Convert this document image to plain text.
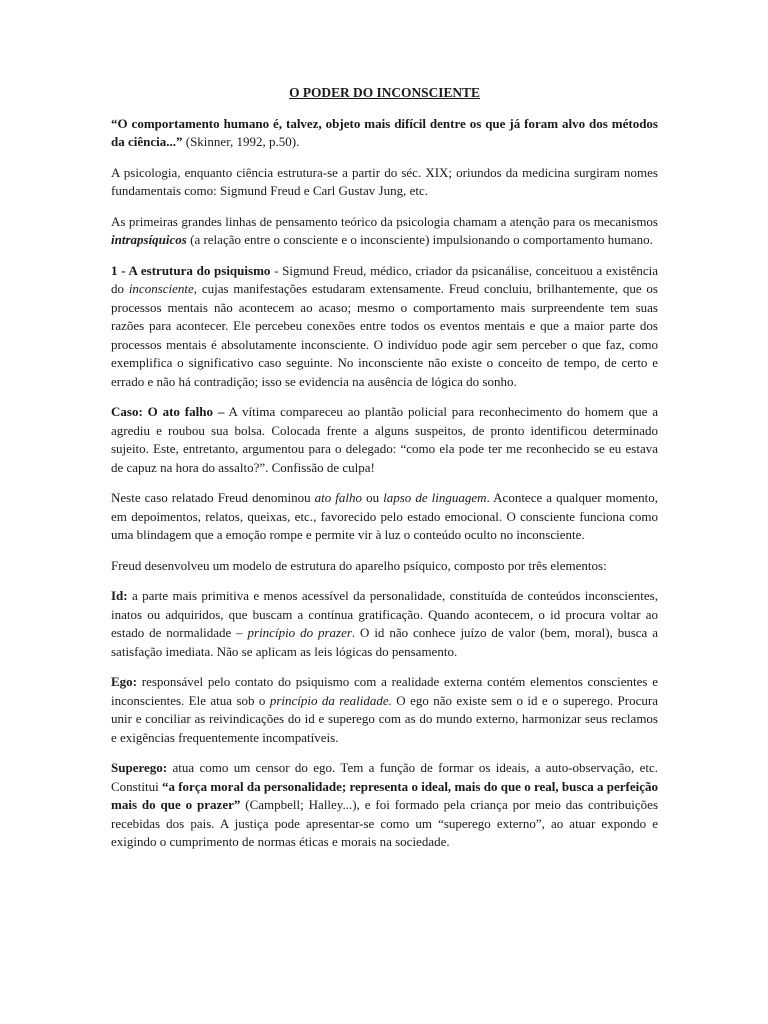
O PODER DO INCONSCIENTE

“O comportamento humano é, talvez, objeto mais difícil dentre os que já foram alvo dos métodos da ciência...” (Skinner, 1992, p.50).

A psicologia, enquanto ciência estrutura-se a partir do séc. XIX; oriundos da medicina surgiram nomes fundamentais como: Sigmund Freud e Carl Gustav Jung, etc.

As primeiras grandes linhas de pensamento teórico da psicologia chamam a atenção para os mecanismos intrapsíquicos (a relação entre o consciente e o inconsciente) impulsionando o comportamento humano.

1 - A estrutura do psiquismo - Sigmund Freud, médico, criador da psicanálise, conceituou a existência do inconsciente, cujas manifestações estudaram extensamente. Freud concluiu, brilhantemente, que os processos mentais não acontecem ao acaso; mesmo o comportamento mais surpreendente tem suas razões para acontecer. Ele percebeu conexões entre todos os eventos mentais e que a maior parte dos processos mentais é absolutamente inconsciente. O indivíduo pode agir sem perceber o que faz, como exemplifica o significativo caso seguinte. No inconsciente não existe o conceito de tempo, de certo e errado e não há contradição; isso se evidencia na ausência de lógica do sonho.

Caso: O ato falho – A vítima compareceu ao plantão policial para reconhecimento do homem que a agrediu e roubou sua bolsa. Colocada frente a alguns suspeitos, de pronto identificou determinado sujeito. Este, entretanto, argumentou para o delegado: “como ela pode ter me reconhecido se eu estava de capuz na hora do assalto?”. Confissão de culpa!

Neste caso relatado Freud denominou ato falho ou lapso de linguagem. Acontece a qualquer momento, em depoimentos, relatos, queixas, etc., favorecido pelo estado emocional. O consciente funciona como uma blindagem que a emoção rompe e permite vir à luz o conteúdo oculto no inconsciente.

Freud desenvolveu um modelo de estrutura do aparelho psíquico, composto por três elementos:

Id: a parte mais primitiva e menos acessível da personalidade, constituída de conteúdos inconscientes, inatos ou adquiridos, que buscam a contínua gratificação. Quando acontecem, o id procura voltar ao estado de normalidade – princípio do prazer. O id não conhece juízo de valor (bem, moral), busca a satisfação imediata. Não se aplicam as leis lógicas do pensamento.

Ego: responsável pelo contato do psiquismo com a realidade externa contém elementos conscientes e inconscientes. Ele atua sob o princípio da realidade. O ego não existe sem o id e o superego. Procura unir e conciliar as reivindicações do id e superego com as do mundo externo, harmonizar seus reclamos e exigências frequentemente incompatíveis.

Superego: atua como um censor do ego. Tem a função de formar os ideais, a auto-observação, etc. Constitui “a força moral da personalidade; representa o ideal, mais do que o real, busca a perfeição mais do que o prazer” (Campbell; Halley...), e foi formado pela criança por meio das contribuições recebidas dos pais. A justiça pode apresentar-se como um “superego externo”, ao atuar expondo e exigindo o cumprimento de normas éticas e morais na sociedade.
